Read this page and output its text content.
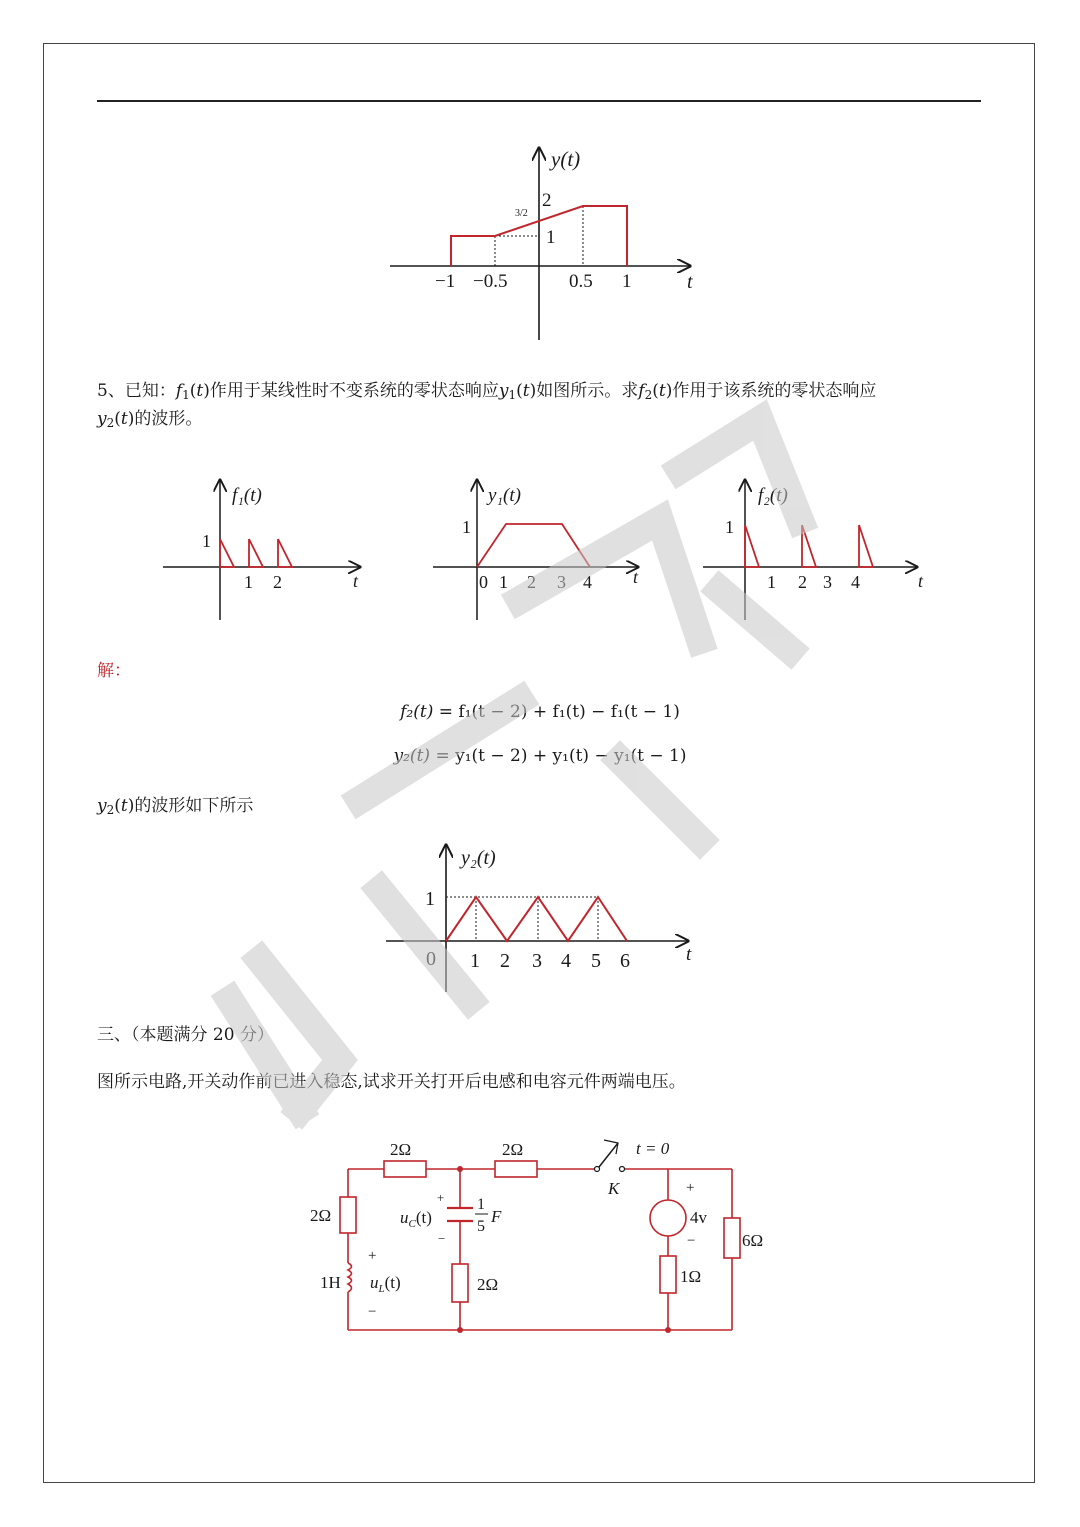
y(t)
t
−1 −0.5	0.5 1
1
2
3/2
5、已知：$f_1(t)$作用于某线性时不变系统的零状态响应$y_1(t)$如图所示。求$f_2(t)$作用于该系统的零状态响应
$y_2(t)$的波形。
f₁(t)
t
1
1 2
y₁(t)
t
1
0 1 2 3 4
f₂(t)
t
1
1 2 3 4
解：
f₂(t) = f₁(t − 2) + f₁(t) − f₁(t − 1)
y₂(t) = y₁(t − 2) + y₁(t) − y₁(t − 1)
$y_2(t)$的波形如下所示
y₂(t)
t
1
0 1 2 3 4 5 6
三、（本题满分 20 分）
图所示电路,开关动作前已进入稳态,试求开关打开后电感和电容元件两端电压。
2Ω	2Ω
2Ω
+
$u_L(t)$
−
1H
+
$u_C(t)$
−
1
5
F
2Ω
t = 0
K	+
4v
−
1Ω
6Ω
